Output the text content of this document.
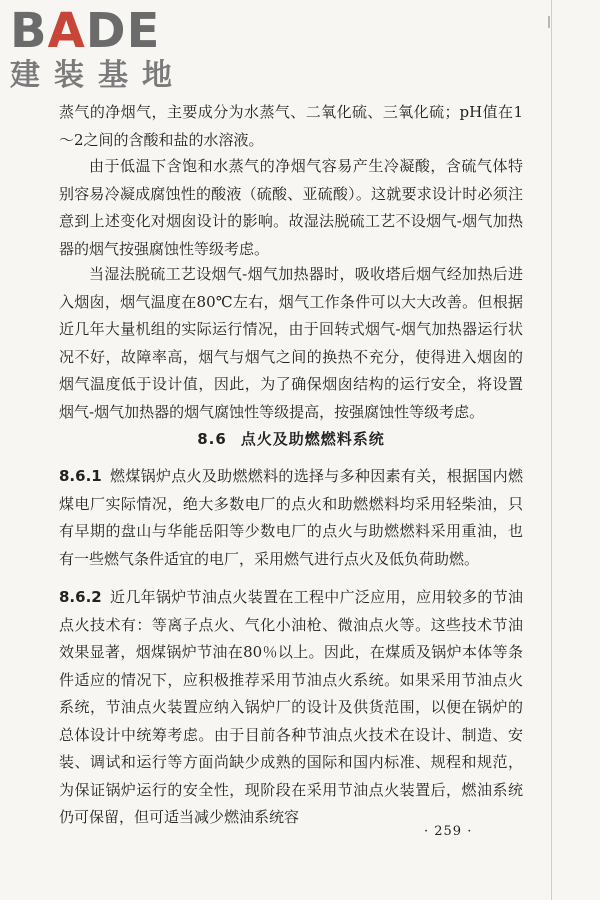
B A DE
建装基地
蒸气的净烟气，主要成分为水蒸气、二氧化硫、三氧化硫；pH值在1～2之间的含酸和盐的水溶液。
由于低温下含饱和水蒸气的净烟气容易产生冷凝酸，含硫气体特别容易冷凝成腐蚀性的酸液（硫酸、亚硫酸）。这就要求设计时必须注意到上述变化对烟囱设计的影响。故湿法脱硫工艺不设烟气-烟气加热器的烟气按强腐蚀性等级考虑。
当湿法脱硫工艺设烟气-烟气加热器时，吸收塔后烟气经加热后进入烟囱，烟气温度在80℃左右，烟气工作条件可以大大改善。但根据近几年大量机组的实际运行情况，由于回转式烟气-烟气加热器运行状况不好，故障率高，烟气与烟气之间的换热不充分，使得进入烟囱的烟气温度低于设计值，因此，为了确保烟囱结构的运行安全，将设置烟气-烟气加热器的烟气腐蚀性等级提高，按强腐蚀性等级考虑。
8.6 点火及助燃燃料系统
8.6.1 燃煤锅炉点火及助燃燃料的选择与多种因素有关，根据国内燃煤电厂实际情况，绝大多数电厂的点火和助燃燃料均采用轻柴油，只有早期的盘山与华能岳阳等少数电厂的点火与助燃燃料采用重油，也有一些燃气条件适宜的电厂，采用燃气进行点火及低负荷助燃。
8.6.2 近几年锅炉节油点火装置在工程中广泛应用，应用较多的节油点火技术有：等离子点火、气化小油枪、微油点火等。这些技术节油效果显著，烟煤锅炉节油在80％以上。因此，在煤质及锅炉本体等条件适应的情况下，应积极推荐采用节油点火系统。如果采用节油点火系统，节油点火装置应纳入锅炉厂的设计及供货范围，以便在锅炉的总体设计中统筹考虑。由于目前各种节油点火技术在设计、制造、安装、调试和运行等方面尚缺少成熟的国际和国内标准、规程和规范，为保证锅炉运行的安全性，现阶段在采用节油点火装置后，燃油系统仍可保留，但可适当减少燃油系统容
· 259 ·
